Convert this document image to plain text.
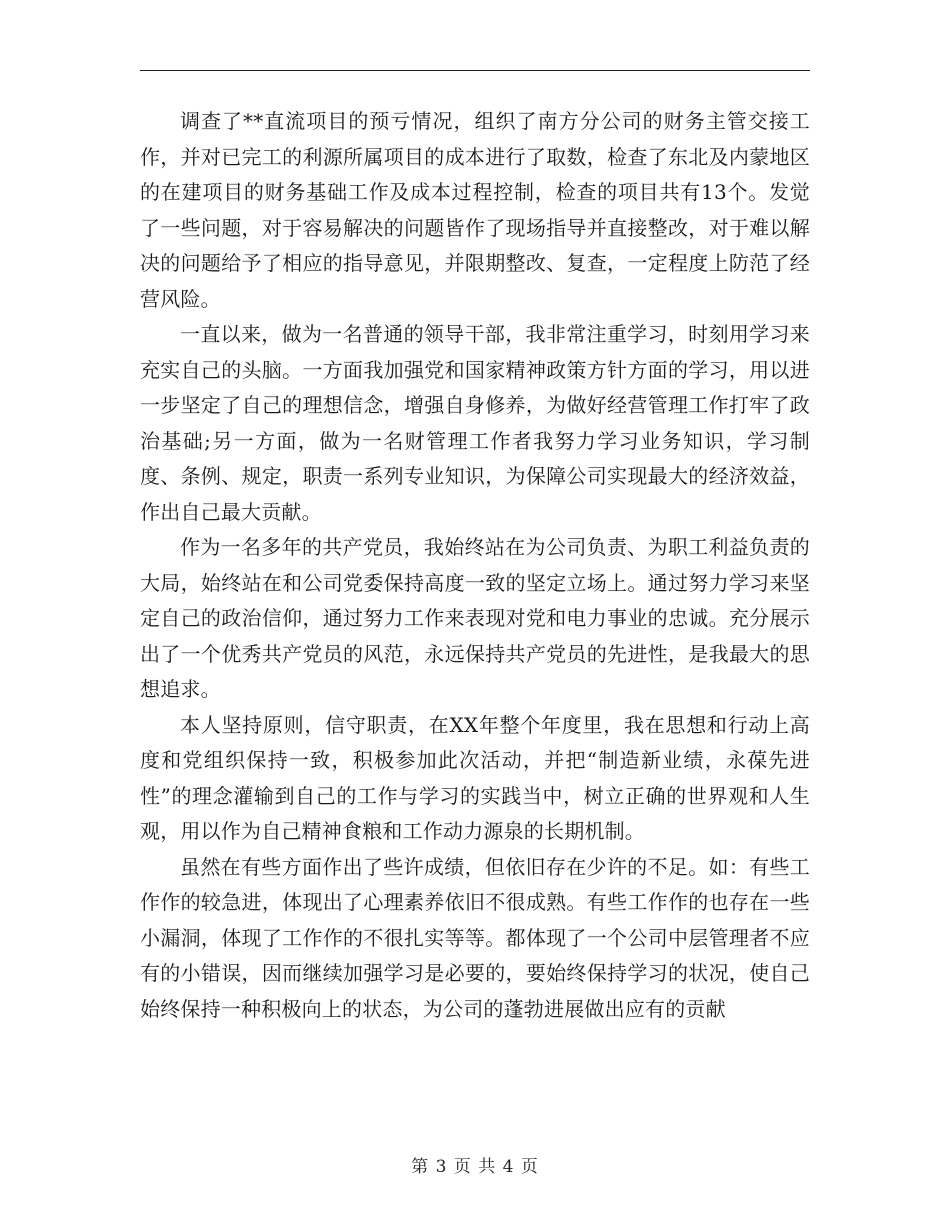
调查了**直流项目的预亏情况，组织了南方分公司的财务主管交接工作，并对已完工的利源所属项目的成本进行了取数，检查了东北及内蒙地区的在建项目的财务基础工作及成本过程控制，检查的项目共有13个。发觉了一些问题，对于容易解决的问题皆作了现场指导并直接整改，对于难以解决的问题给予了相应的指导意见，并限期整改、复查，一定程度上防范了经营风险。

一直以来，做为一名普通的领导干部，我非常注重学习，时刻用学习来充实自己的头脑。一方面我加强党和国家精神政策方针方面的学习，用以进一步坚定了自己的理想信念，增强自身修养，为做好经营管理工作打牢了政治基础;另一方面，做为一名财管理工作者我努力学习业务知识，学习制度、条例、规定，职责一系列专业知识，为保障公司实现最大的经济效益，作出自己最大贡献。

作为一名多年的共产党员，我始终站在为公司负责、为职工利益负责的大局，始终站在和公司党委保持高度一致的坚定立场上。通过努力学习来坚定自己的政治信仰，通过努力工作来表现对党和电力事业的忠诚。充分展示出了一个优秀共产党员的风范，永远保持共产党员的先进性，是我最大的思想追求。

本人坚持原则，信守职责，在XX年整个年度里，我在思想和行动上高度和党组织保持一致，积极参加此次活动，并把“制造新业绩，永葆先进性”的理念灌输到自己的工作与学习的实践当中，树立正确的世界观和人生观，用以作为自己精神食粮和工作动力源泉的长期机制。

虽然在有些方面作出了些许成绩，但依旧存在少许的不足。如：有些工作作的较急进，体现出了心理素养依旧不很成熟。有些工作作的也存在一些小漏洞，体现了工作作的不很扎实等等。都体现了一个公司中层管理者不应有的小错误，因而继续加强学习是必要的，要始终保持学习的状况，使自己始终保持一种积极向上的状态，为公司的蓬勃进展做出应有的贡献

第 3 页 共 4 页
